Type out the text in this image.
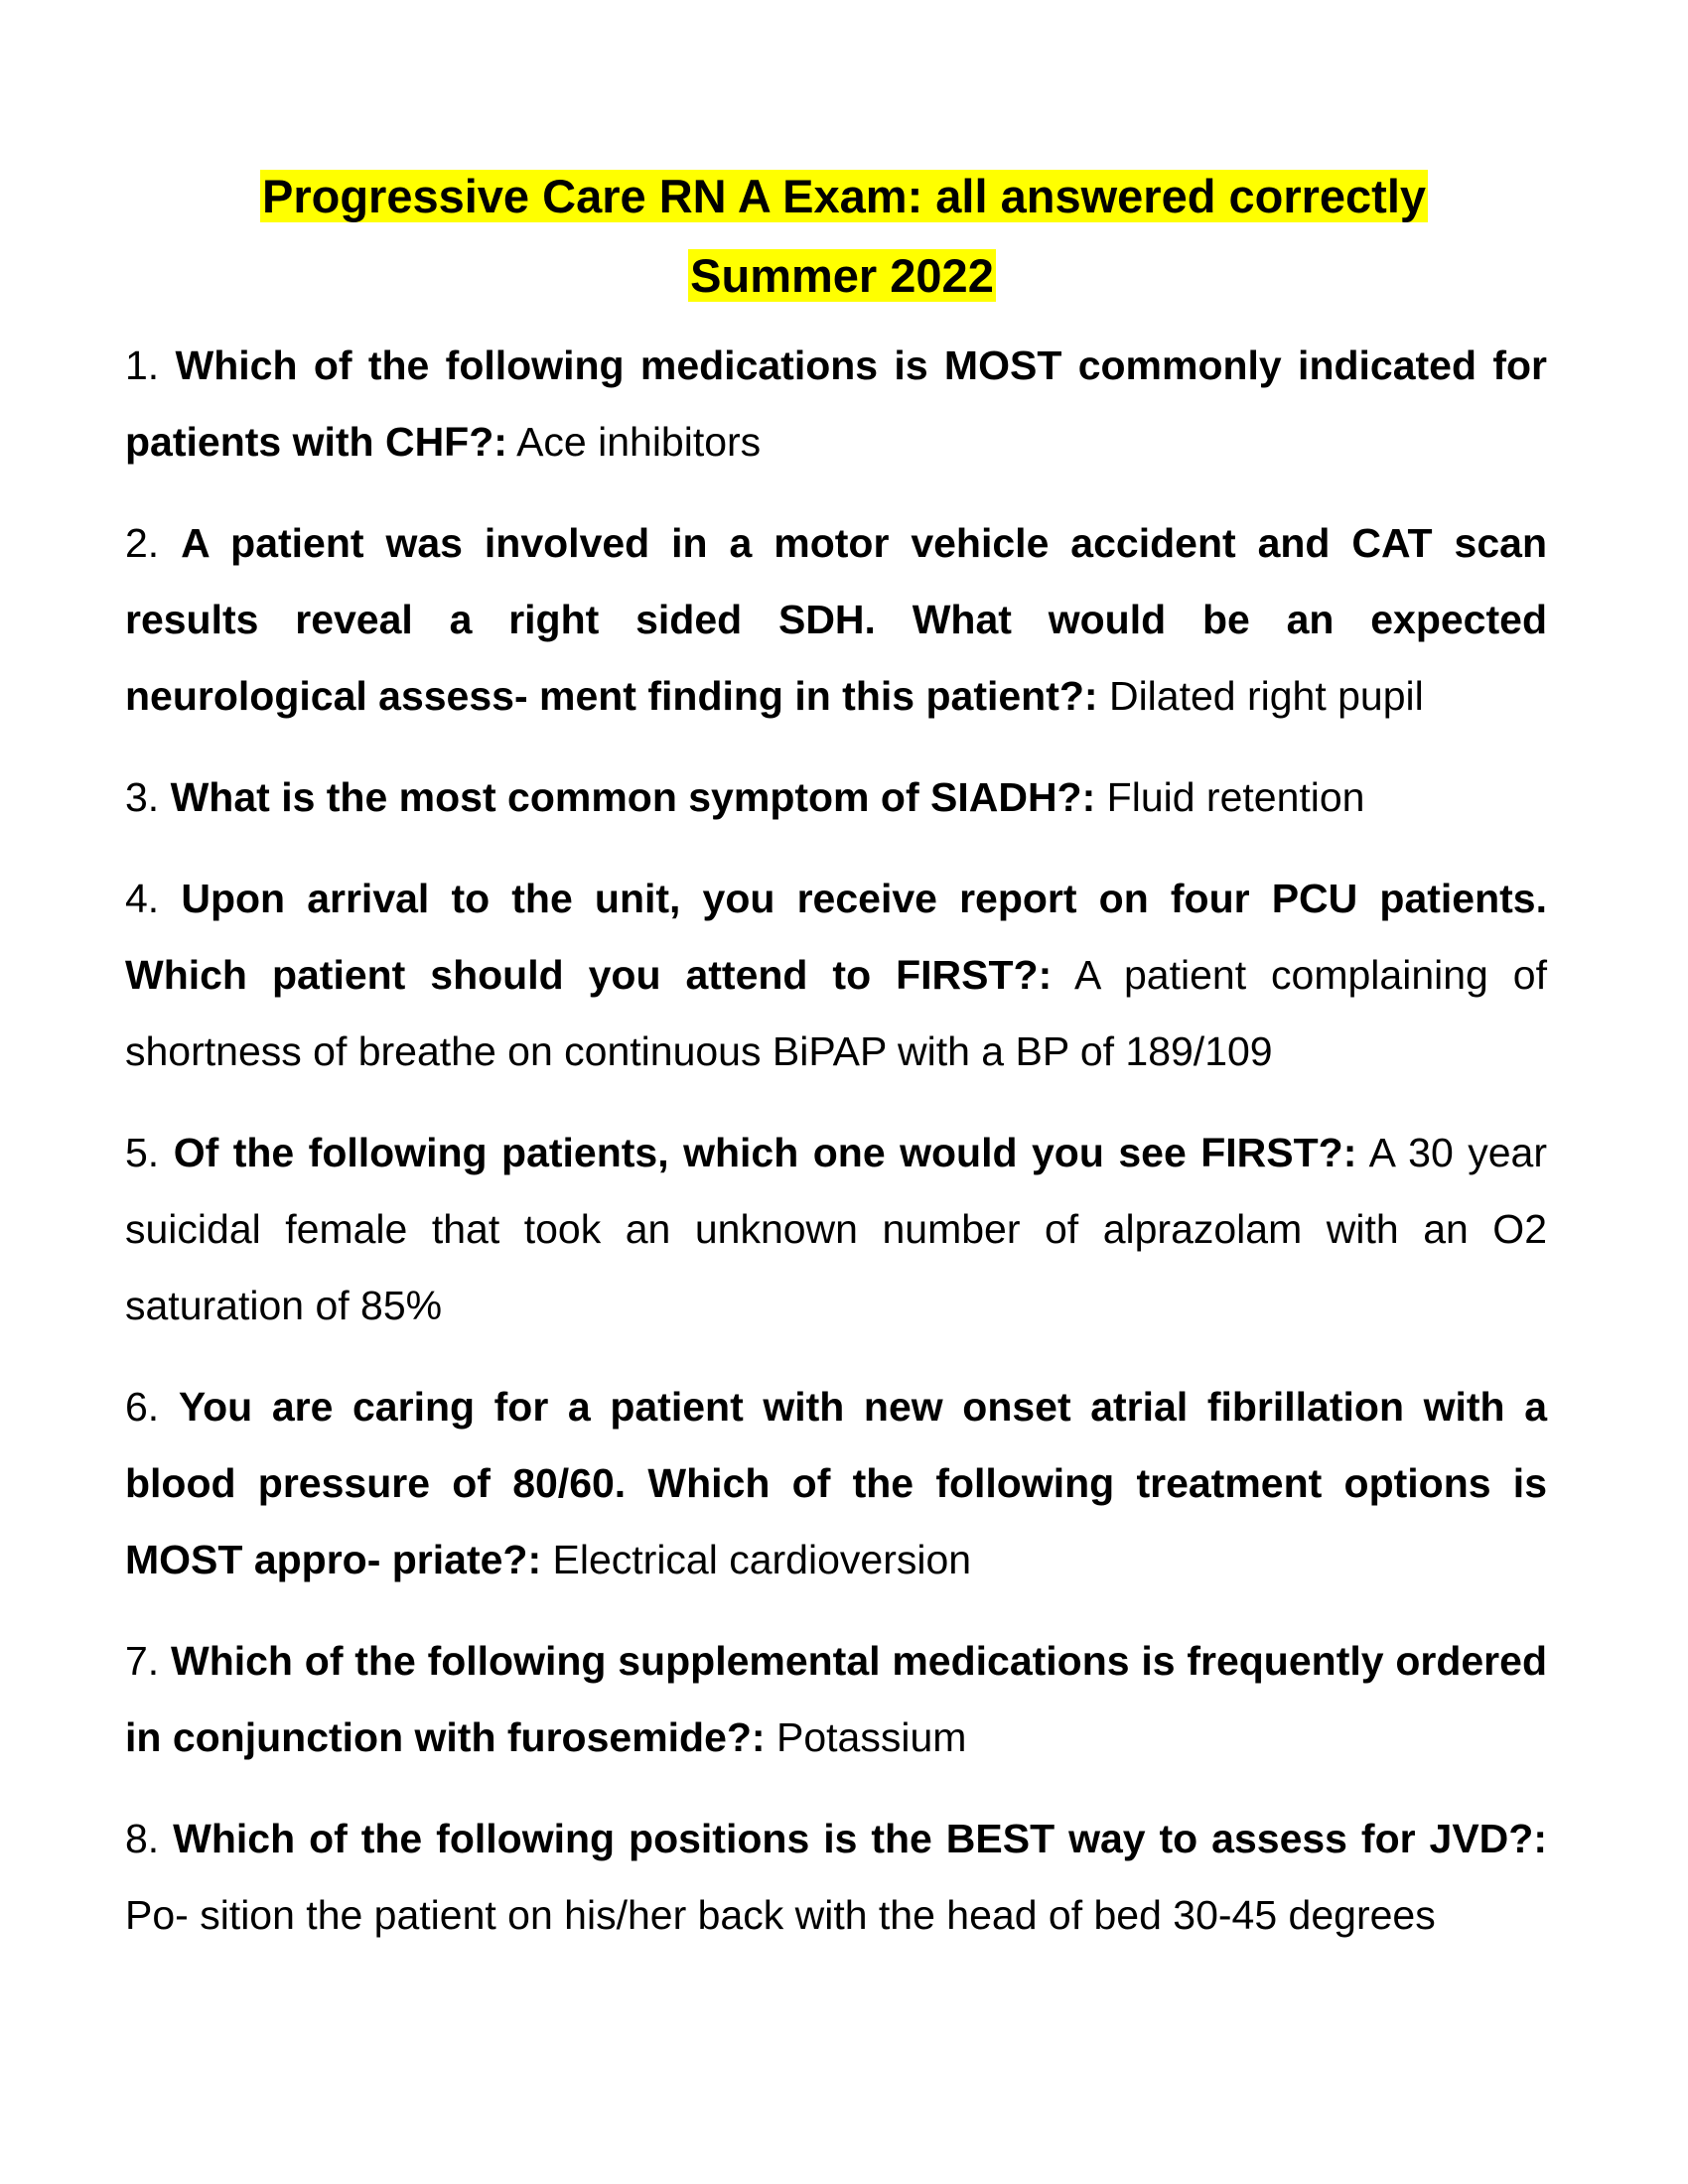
Progressive Care RN A Exam: all answered correctly
Summer 2022

1. Which of the following medications is MOST commonly indicated for patients with CHF?: Ace inhibitors

2. A patient was involved in a motor vehicle accident and CAT scan results reveal a right sided SDH. What would be an expected neurological assess- ment finding in this patient?: Dilated right pupil

3. What is the most common symptom of SIADH?: Fluid retention

4. Upon arrival to the unit, you receive report on four PCU patients. Which patient should you attend to FIRST?: A patient complaining of shortness of breathe on continuous BiPAP with a BP of 189/109

5. Of the following patients, which one would you see FIRST?: A 30 year suicidal female that took an unknown number of alprazolam with an O2 saturation of 85%

6. You are caring for a patient with new onset atrial fibrillation with a blood pressure of 80/60. Which of the following treatment options is MOST appro- priate?: Electrical cardioversion

7. Which of the following supplemental medications is frequently ordered in conjunction with furosemide?: Potassium

8. Which of the following positions is the BEST way to assess for JVD?: Po- sition the patient on his/her back with the head of bed 30-45 degrees
